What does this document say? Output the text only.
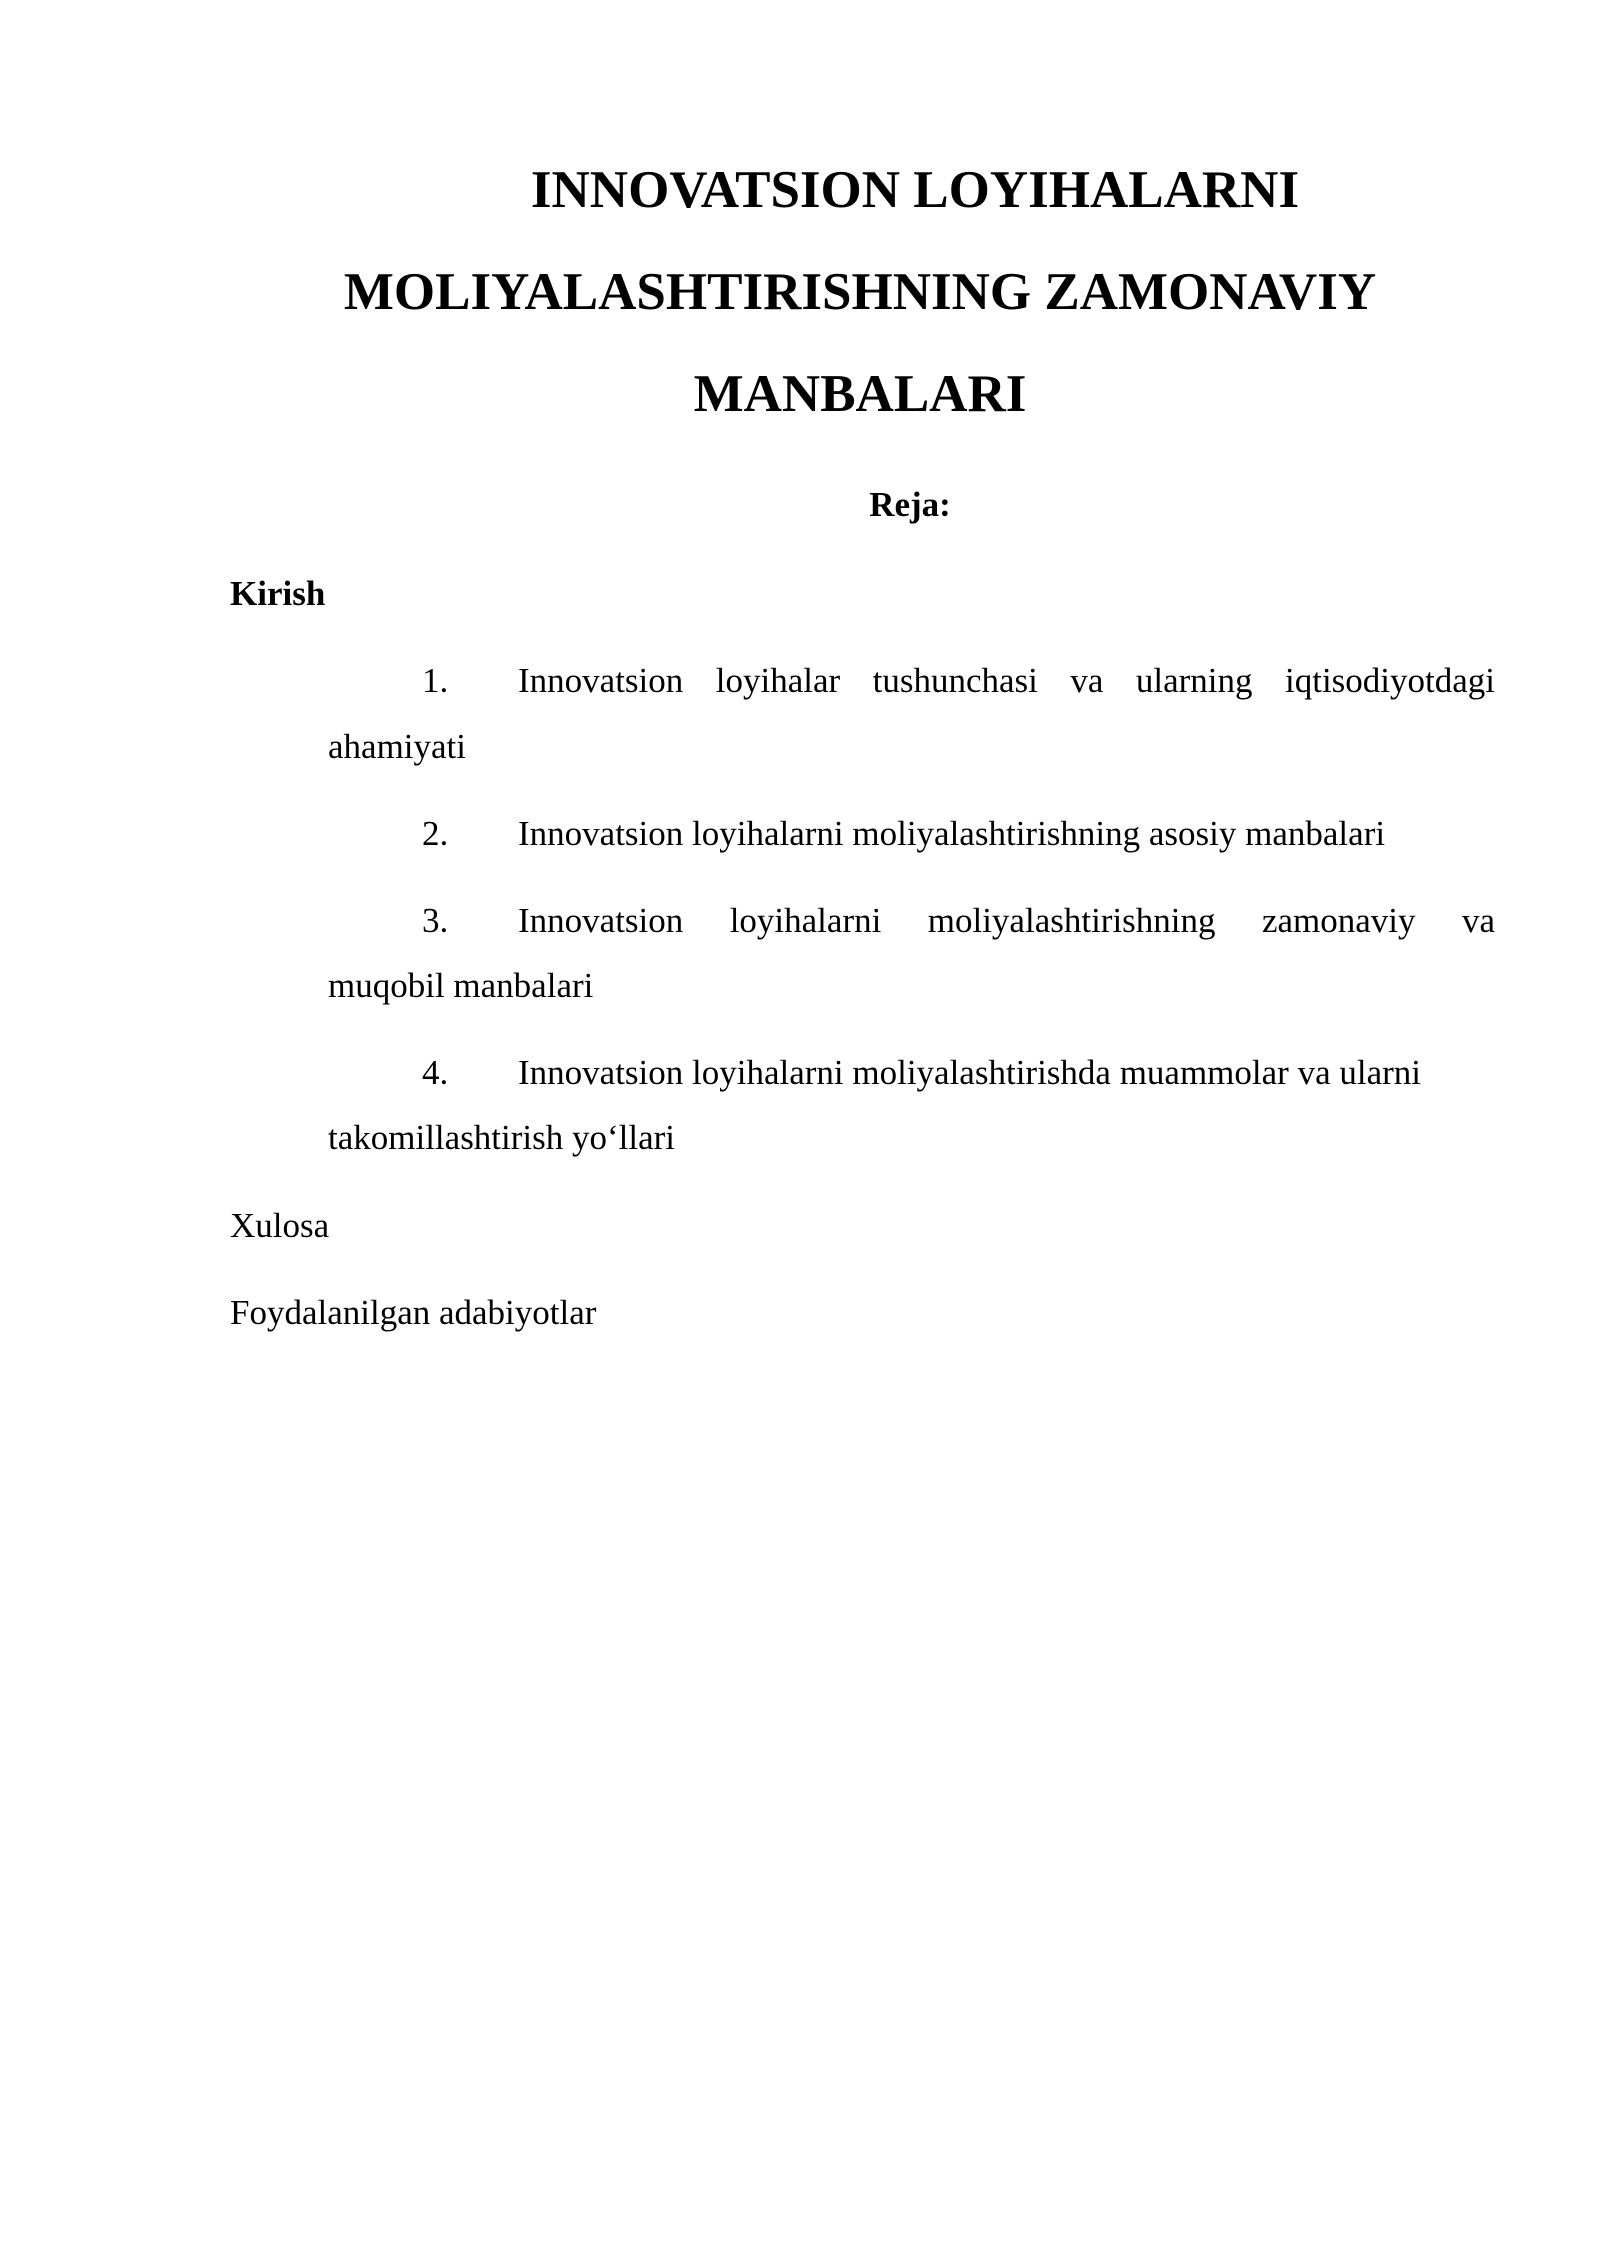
INNOVATSION LOYIHALARNI
MOLIYALASHTIRISHNING ZAMONAVIY
MANBALARI
Reja:
Kirish
1. Innovatsion loyihalar tushunchasi va ularning iqtisodiyotdagi
ahamiyati
2. Innovatsion loyihalarni moliyalashtirishning asosiy manbalari
3. Innovatsion loyihalarni moliyalashtirishning zamonaviy va
muqobil manbalari
4. Innovatsion loyihalarni moliyalashtirishda muammolar va ularni
takomillashtirish yo‘llari
Xulosa
Foydalanilgan adabiyotlar
